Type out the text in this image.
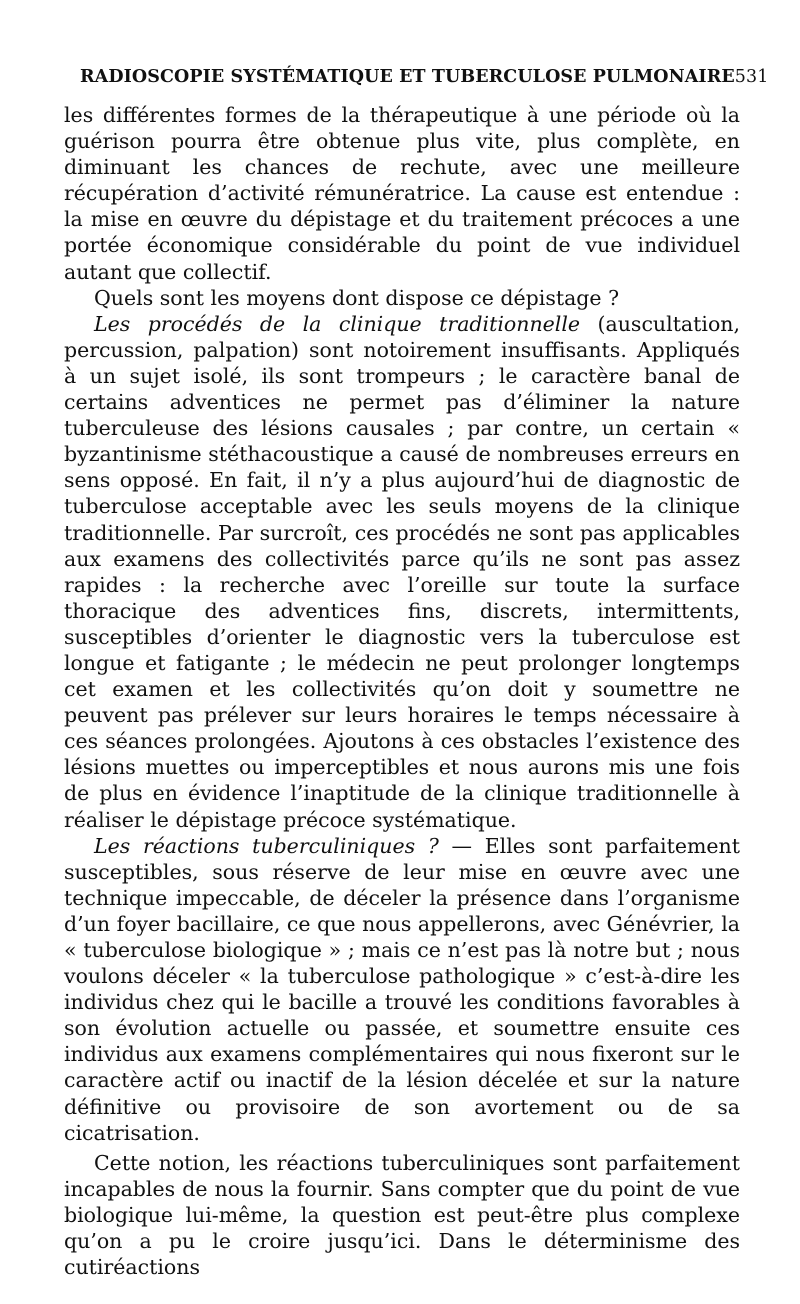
RADIOSCOPIE SYSTÉMATIQUE ET TUBERCULOSE PULMONAIRE 531

les différentes formes de la thérapeutique à une période où la guérison pourra être obtenue plus vite, plus complète, en diminuant les chances de rechute, avec une meilleure récupération d’activité rémunératrice. La cause est entendue : la mise en œuvre du dépistage et du traitement précoces a une portée économique considérable du point de vue individuel autant que collectif.

Quels sont les moyens dont dispose ce dépistage ?

Les procédés de la clinique traditionnelle (auscultation, percussion, palpation) sont notoirement insuffisants. Appliqués à un sujet isolé, ils sont trompeurs ; le caractère banal de certains adventices ne permet pas d’éliminer la nature tuberculeuse des lésions causales ; par contre, un certain « byzantinisme stéthacoustique a causé de nombreuses erreurs en sens opposé. En fait, il n’y a plus aujourd’hui de diagnostic de tuberculose acceptable avec les seuls moyens de la clinique traditionnelle. Par surcroît, ces procédés ne sont pas applicables aux examens des collectivités parce qu’ils ne sont pas assez rapides : la recherche avec l’oreille sur toute la surface thoracique des adventices fins, discrets, intermittents, susceptibles d’orienter le diagnostic vers la tuberculose est longue et fatigante ; le médecin ne peut prolonger longtemps cet examen et les collectivités qu’on doit y soumettre ne peuvent pas prélever sur leurs horaires le temps nécessaire à ces séances prolongées. Ajoutons à ces obstacles l’existence des lésions muettes ou imperceptibles et nous aurons mis une fois de plus en évidence l’inaptitude de la clinique traditionnelle à réaliser le dépistage précoce systématique.

Les réactions tuberculiniques ? — Elles sont parfaitement susceptibles, sous réserve de leur mise en œuvre avec une technique impeccable, de déceler la présence dans l’organisme d’un foyer bacillaire, ce que nous appellerons, avec Génévrier, la « tuberculose biologique » ; mais ce n’est pas là notre but ; nous voulons déceler « la tuberculose pathologique » c’est-à-dire les individus chez qui le bacille a trouvé les conditions favorables à son évolution actuelle ou passée, et soumettre ensuite ces individus aux examens complémentaires qui nous fixeront sur le caractère actif ou inactif de la lésion décelée et sur la nature définitive ou provisoire de son avortement ou de sa cicatrisation.

Cette notion, les réactions tuberculiniques sont parfaitement incapables de nous la fournir. Sans compter que du point de vue biologique lui-même, la question est peut-être plus complexe qu’on a pu le croire jusqu’ici. Dans le déterminisme des cutiréactions
